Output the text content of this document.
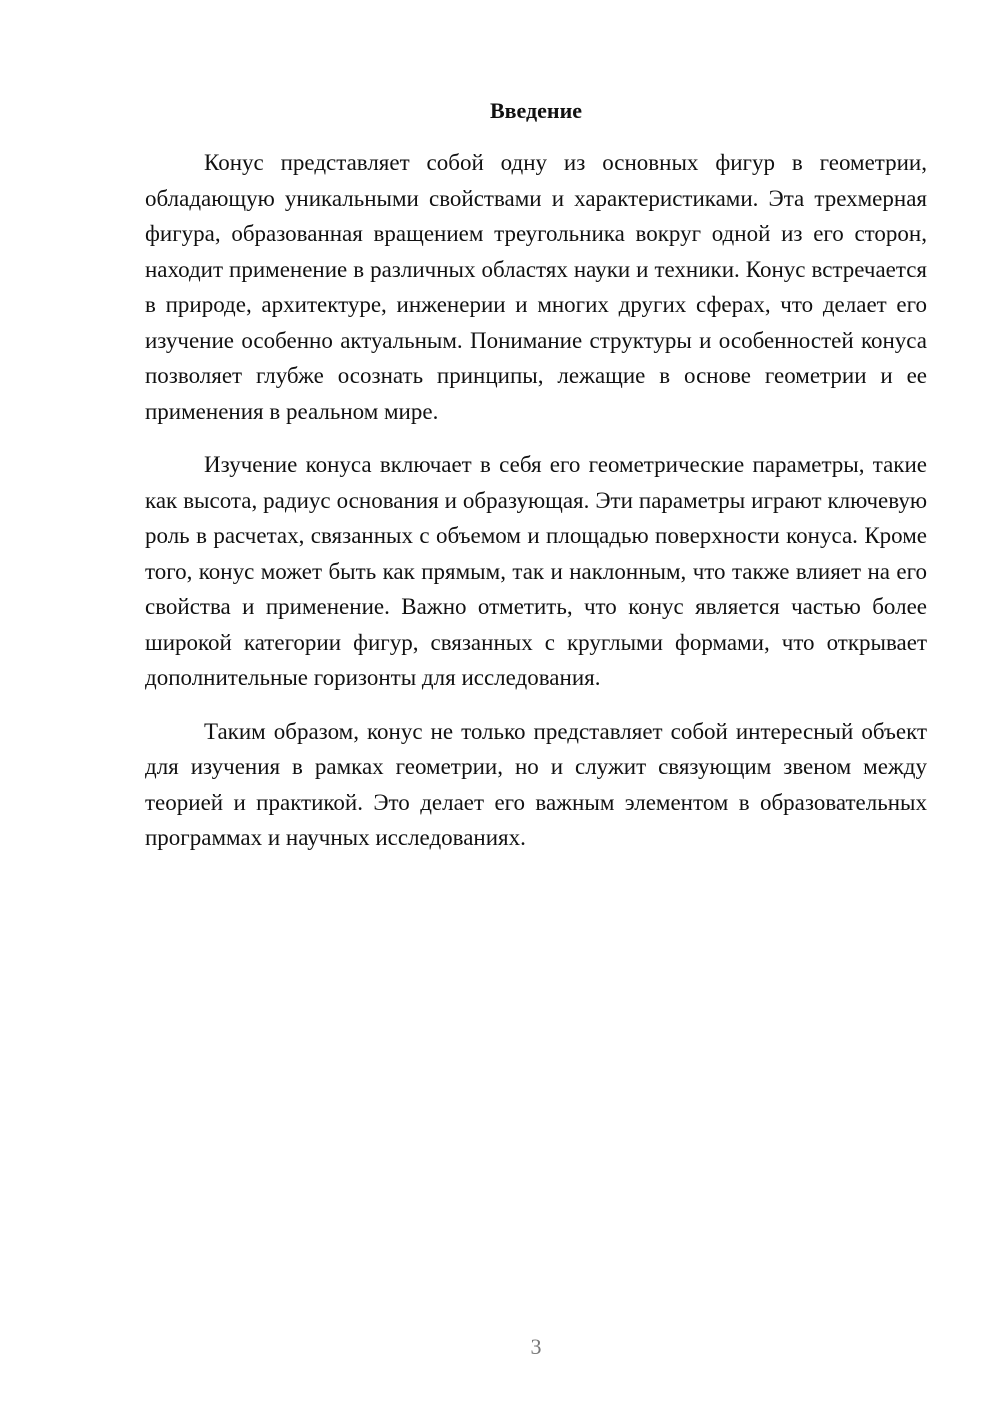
Введение

Конус представляет собой одну из основных фигур в геометрии, обладающую уникальными свойствами и характеристиками. Эта трехмерная фигура, образованная вращением треугольника вокруг одной из его сторон, находит применение в различных областях науки и техники. Конус встречается в природе, архитектуре, инженерии и многих других сферах, что делает его изучение особенно актуальным. Понимание структуры и особенностей конуса позволяет глубже осознать принципы, лежащие в основе геометрии и ее применения в реальном мире.

Изучение конуса включает в себя его геометрические параметры, такие как высота, радиус основания и образующая. Эти параметры играют ключевую роль в расчетах, связанных с объемом и площадью поверхности конуса. Кроме того, конус может быть как прямым, так и наклонным, что также влияет на его свойства и применение. Важно отметить, что конус является частью более широкой категории фигур, связанных с круглыми формами, что открывает дополнительные горизонты для исследования.

Таким образом, конус не только представляет собой интересный объект для изучения в рамках геометрии, но и служит связующим звеном между теорией и практикой. Это делает его важным элементом в образовательных программах и научных исследованиях.

3
